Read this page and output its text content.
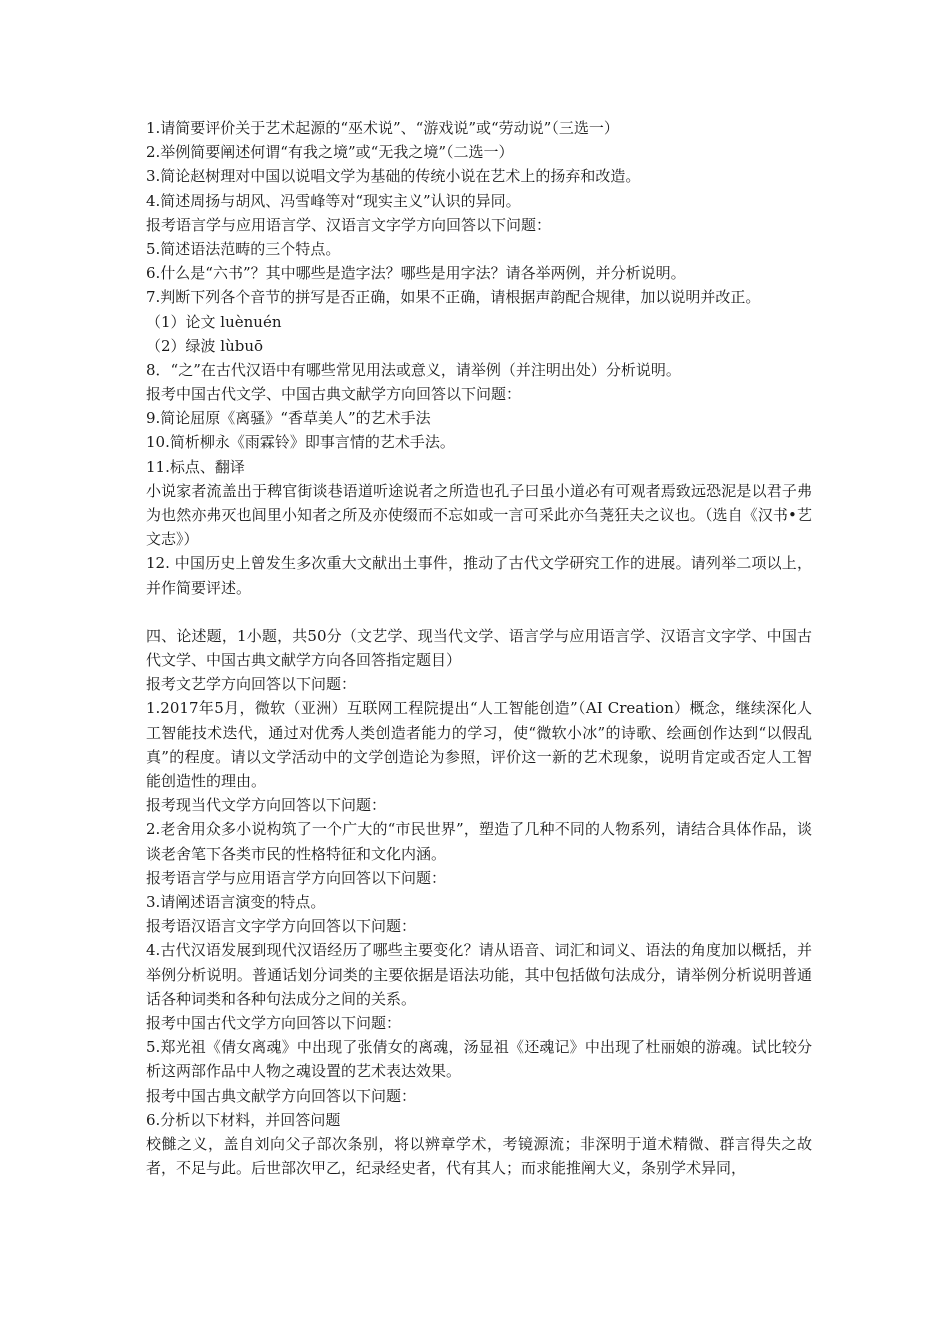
1.请简要评价关于艺术起源的“巫术说”、“游戏说”或“劳动说”（三选一）
2.举例简要阐述何谓“有我之境”或“无我之境”（二选一）
3.简论赵树理对中国以说唱文学为基础的传统小说在艺术上的扬弃和改造。
4.简述周扬与胡风、冯雪峰等对“现实主义”认识的异同。
报考语言学与应用语言学、汉语言文字学方向回答以下问题：
5.简述语法范畴的三个特点。
6.什么是“六书”？其中哪些是造字法？哪些是用字法？请各举两例，并分析说明。
7.判断下列各个音节的拼写是否正确，如果不正确，请根据声韵配合规律，加以说明并改正。
（1）论文 luènuén
（2）绿波 lùbuō
8．“之”在古代汉语中有哪些常见用法或意义，请举例（并注明出处）分析说明。
报考中国古代文学、中国古典文献学方向回答以下问题：
9.简论屈原《离骚》“香草美人”的艺术手法
10.简析柳永《雨霖铃》即事言情的艺术手法。
11.标点、翻译
小说家者流盖出于稗官街谈巷语道听途说者之所造也孔子曰虽小道必有可观者焉致远恐泥是以君子弗为也然亦弗灭也闾里小知者之所及亦使缀而不忘如或一言可采此亦刍荛狂夫之议也。（选自《汉书•艺文志》）
12. 中国历史上曾发生多次重大文献出土事件，推动了古代文学研究工作的进展。请列举二项以上，并作简要评述。
四、论述题，1小题，共50分（文艺学、现当代文学、语言学与应用语言学、汉语言文字学、中国古代文学、中国古典文献学方向各回答指定题目）
报考文艺学方向回答以下问题：
1.2017年5月，微软（亚洲）互联网工程院提出“人工智能创造”（AI Creation）概念，继续深化人工智能技术迭代，通过对优秀人类创造者能力的学习，使“微软小冰”的诗歌、绘画创作达到“以假乱真”的程度。请以文学活动中的文学创造论为参照，评价这一新的艺术现象，说明肯定或否定人工智能创造性的理由。
报考现当代文学方向回答以下问题：
2.老舍用众多小说构筑了一个广大的“市民世界”，塑造了几种不同的人物系列，请结合具体作品，谈谈老舍笔下各类市民的性格特征和文化内涵。
报考语言学与应用语言学方向回答以下问题：
3.请阐述语言演变的特点。
报考语汉语言文字学方向回答以下问题：
4.古代汉语发展到现代汉语经历了哪些主要变化？请从语音、词汇和词义、语法的角度加以概括，并举例分析说明。普通话划分词类的主要依据是语法功能，其中包括做句法成分，请举例分析说明普通话各种词类和各种句法成分之间的关系。
报考中国古代文学方向回答以下问题：
5.郑光祖《倩女离魂》中出现了张倩女的离魂，汤显祖《还魂记》中出现了杜丽娘的游魂。试比较分析这两部作品中人物之魂设置的艺术表达效果。
报考中国古典文献学方向回答以下问题：
6.分析以下材料，并回答问题
校雠之义，盖自刘向父子部次条别，将以辨章学术，考镜源流；非深明于道术精微、群言得失之故者，不足与此。后世部次甲乙，纪录经史者，代有其人；而求能推阐大义，条别学术异同，
